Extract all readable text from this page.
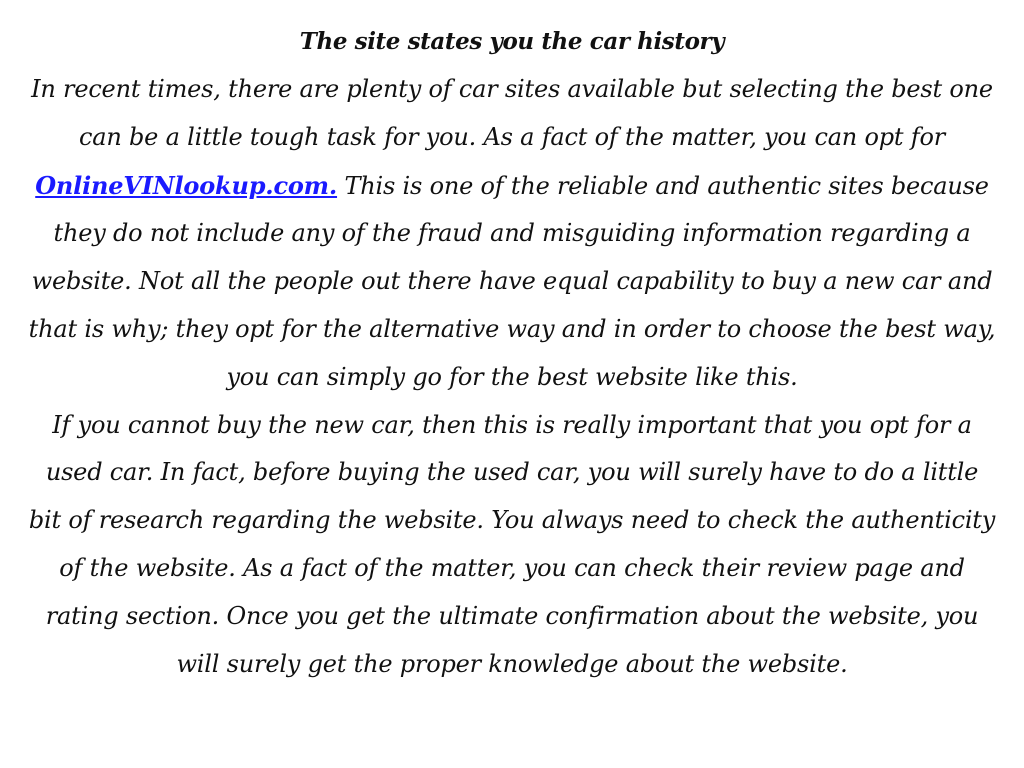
The site states you the car history

In recent times, there are plenty of car sites available but selecting the best one can be a little tough task for you. As a fact of the matter, you can opt for OnlineVINlookup.com. This is one of the reliable and authentic sites because they do not include any of the fraud and misguiding information regarding a website. Not all the people out there have equal capability to buy a new car and that is why; they opt for the alternative way and in order to choose the best way, you can simply go for the best website like this.

If you cannot buy the new car, then this is really important that you opt for a used car. In fact, before buying the used car, you will surely have to do a little bit of research regarding the website. You always need to check the authenticity of the website. As a fact of the matter, you can check their review page and rating section. Once you get the ultimate confirmation about the website, you will surely get the proper knowledge about the website.
